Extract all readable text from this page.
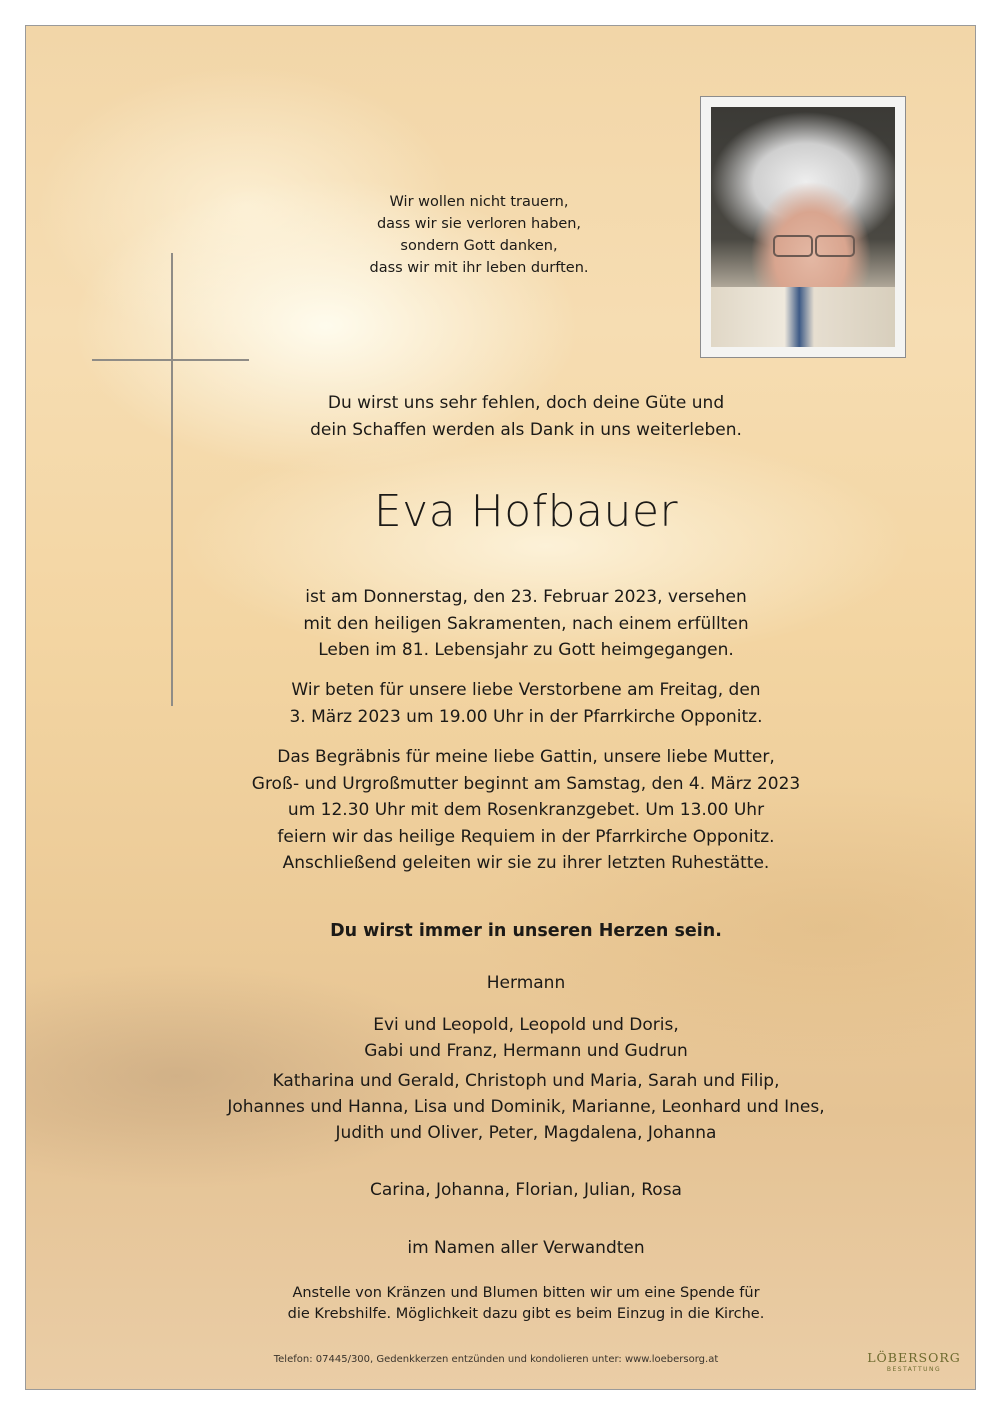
Wir wollen nicht trauern,
dass wir sie verloren haben,
sondern Gott danken,
dass wir mit ihr leben durften.

Du wirst uns sehr fehlen, doch deine Güte und
dein Schaffen werden als Dank in uns weiterleben.

Eva Hofbauer

ist am Donnerstag, den 23. Februar 2023, versehen
mit den heiligen Sakramenten, nach einem erfüllten
Leben im 81. Lebensjahr zu Gott heimgegangen.

Wir beten für unsere liebe Verstorbene am Freitag, den
3. März 2023 um 19.00 Uhr in der Pfarrkirche Opponitz.

Das Begräbnis für meine liebe Gattin, unsere liebe Mutter,
Groß- und Urgroßmutter beginnt am Samstag, den 4. März 2023
um 12.30 Uhr mit dem Rosenkranzgebet. Um 13.00 Uhr
feiern wir das heilige Requiem in der Pfarrkirche Opponitz.
Anschließend geleiten wir sie zu ihrer letzten Ruhestätte.

Du wirst immer in unseren Herzen sein.

Hermann

Evi und Leopold, Leopold und Doris,
Gabi und Franz, Hermann und Gudrun

Katharina und Gerald, Christoph und Maria, Sarah und Filip,
Johannes und Hanna, Lisa und Dominik, Marianne, Leonhard und Ines,
Judith und Oliver, Peter, Magdalena, Johanna

Carina, Johanna, Florian, Julian, Rosa

im Namen aller Verwandten

Anstelle von Kränzen und Blumen bitten wir um eine Spende für
die Krebshilfe. Möglichkeit dazu gibt es beim Einzug in die Kirche.

Telefon: 07445/300, Gedenkkerzen entzünden und kondolieren unter: www.loebersorg.at	LÖBERSORG
BESTATTUNG
